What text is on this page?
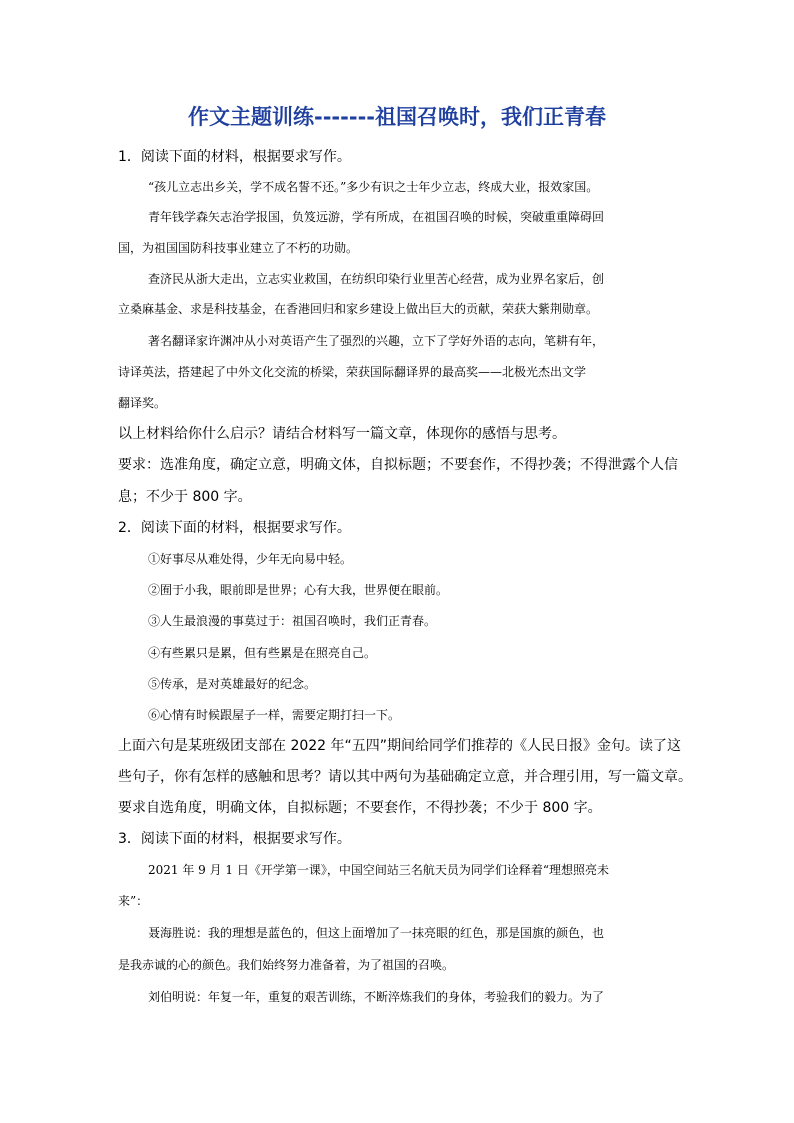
作文主题训练-------祖国召唤时，我们正青春
1．阅读下面的材料，根据要求写作。
“孩儿立志出乡关，学不成名誓不还。”多少有识之士年少立志，终成大业，报效家国。
青年钱学森矢志治学报国，负笈远游，学有所成，在祖国召唤的时候，突破重重障碍回
国，为祖国国防科技事业建立了不朽的功勋。
查济民从浙大走出，立志实业救国，在纺织印染行业里苦心经营，成为业界名家后，创
立桑麻基金、求是科技基金，在香港回归和家乡建设上做出巨大的贡献，荣获大紫荆勋章。
著名翻译家许渊冲从小对英语产生了强烈的兴趣，立下了学好外语的志向，笔耕有年，
诗译英法，搭建起了中外文化交流的桥梁，荣获国际翻译界的最高奖——北极光杰出文学
翻译奖。
以上材料给你什么启示？请结合材料写一篇文章，体现你的感悟与思考。
要求：选准角度，确定立意，明确文体，自拟标题；不要套作，不得抄袭；不得泄露个人信
息；不少于 800 字。
2．阅读下面的材料，根据要求写作。
①好事尽从难处得，少年无向易中轻。
②囿于小我，眼前即是世界；心有大我，世界便在眼前。
③人生最浪漫的事莫过于：祖国召唤时，我们正青春。
④有些累只是累，但有些累是在照亮自己。
⑤传承，是对英雄最好的纪念。
⑥心情有时候跟屋子一样，需要定期打扫一下。
上面六句是某班级团支部在 2022 年“五四”期间给同学们推荐的《人民日报》金句。读了这
些句子，你有怎样的感触和思考？请以其中两句为基础确定立意，并合理引用，写一篇文章。
要求自选角度，明确文体，自拟标题；不要套作，不得抄袭；不少于 800 字。
3．阅读下面的材料，根据要求写作。
2021 年 9 月 1 日《开学第一课》，中国空间站三名航天员为同学们诠释着“理想照亮未
来”：
聂海胜说：我的理想是蓝色的，但这上面增加了一抹亮眼的红色，那是国旗的颜色，也
是我赤诚的心的颜色。我们始终努力准备着，为了祖国的召唤。
刘伯明说：年复一年，重复的艰苦训练，不断淬炼我们的身体，考验我们的毅力。为了
